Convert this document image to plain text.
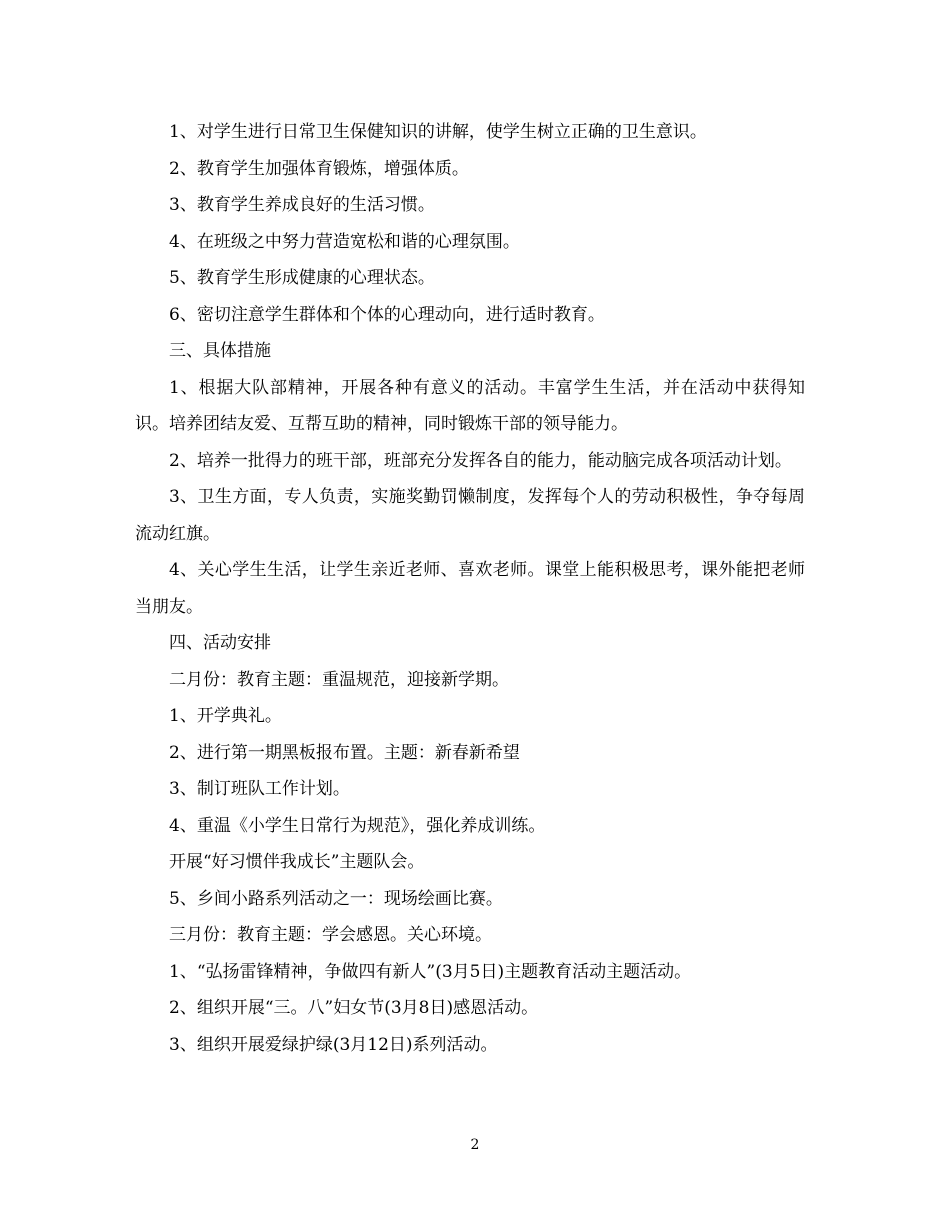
1、对学生进行日常卫生保健知识的讲解，使学生树立正确的卫生意识。

2、教育学生加强体育锻炼，增强体质。

3、教育学生养成良好的生活习惯。

4、在班级之中努力营造宽松和谐的心理氛围。

5、教育学生形成健康的心理状态。

6、密切注意学生群体和个体的心理动向，进行适时教育。

三、具体措施

1、根据大队部精神，开展各种有意义的活动。丰富学生生活，并在活动中获得知识。培养团结友爱、互帮互助的精神，同时锻炼干部的领导能力。

2、培养一批得力的班干部，班部充分发挥各自的能力，能动脑完成各项活动计划。

3、卫生方面，专人负责，实施奖勤罚懒制度，发挥每个人的劳动积极性，争夺每周流动红旗。

4、关心学生生活，让学生亲近老师、喜欢老师。课堂上能积极思考，课外能把老师当朋友。

四、活动安排

二月份：教育主题：重温规范，迎接新学期。

1、开学典礼。

2、进行第一期黑板报布置。主题：新春新希望

3、制订班队工作计划。

4、重温《小学生日常行为规范》，强化养成训练。

开展“好习惯伴我成长”主题队会。

5、乡间小路系列活动之一：现场绘画比赛。

三月份：教育主题：学会感恩。关心环境。

1、“弘扬雷锋精神，争做四有新人”(3月5日)主题教育活动主题活动。

2、组织开展“三。八”妇女节(3月8日)感恩活动。

3、组织开展爱绿护绿(3月12日)系列活动。

2
